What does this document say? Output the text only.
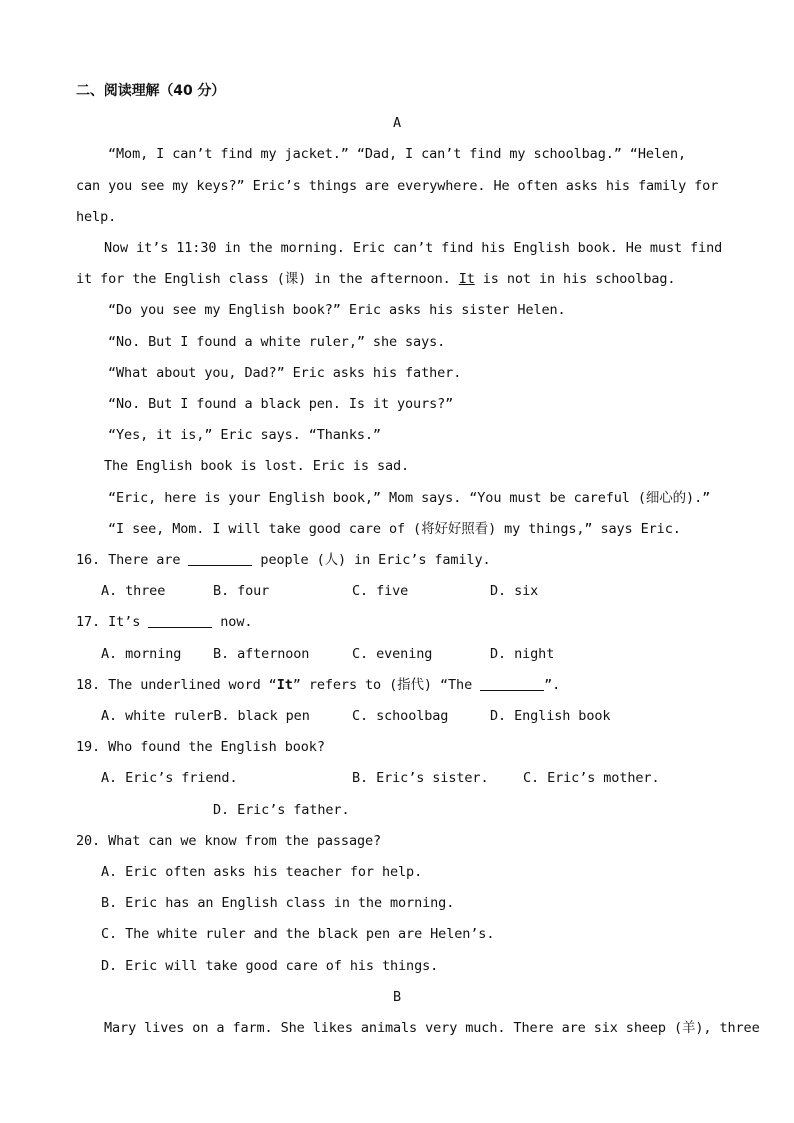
二、阅读理解（40 分）
A
“Mom, I can’t find my jacket.” “Dad, I can’t find my schoolbag.” “Helen,
can you see my keys?” Eric’s things are everywhere. He often asks his family for
help.
Now it’s 11:30 in the morning. Eric can’t find his English book. He must find
it for the English class (课) in the afternoon. It is not in his schoolbag.
“Do you see my English book?” Eric asks his sister Helen.
“No. But I found a white ruler,” she says.
“What about you, Dad?” Eric asks his father.
“No. But I found a black pen. Is it yours?”
“Yes, it is,” Eric says. “Thanks.”
The English book is lost. Eric is sad.
“Eric, here is your English book,” Mom says. “You must be careful (细心的).”
“I see, Mom. I will take good care of (将好好照看) my things,” says Eric.
16. There are	people (人) in Eric’s family.
A. three	B. four	C. five	D. six
17. It’s	now.
A. morning B. afternoon	C. evening	D. night
18. The underlined word “It” refers to (指代) “The	”.
A. white rulerB. black pen	C. schoolbag	D. English book
19. Who found the English book?
A. Eric’s friend.	B. Eric’s sister.	C. Eric’s mother.
D. Eric’s father.
20. What can we know from the passage?
A. Eric often asks his teacher for help.
B. Eric has an English class in the morning.
C. The white ruler and the black pen are Helen’s.
D. Eric will take good care of his things.
B
Mary lives on a farm. She likes animals very much. There are six sheep (羊), three
